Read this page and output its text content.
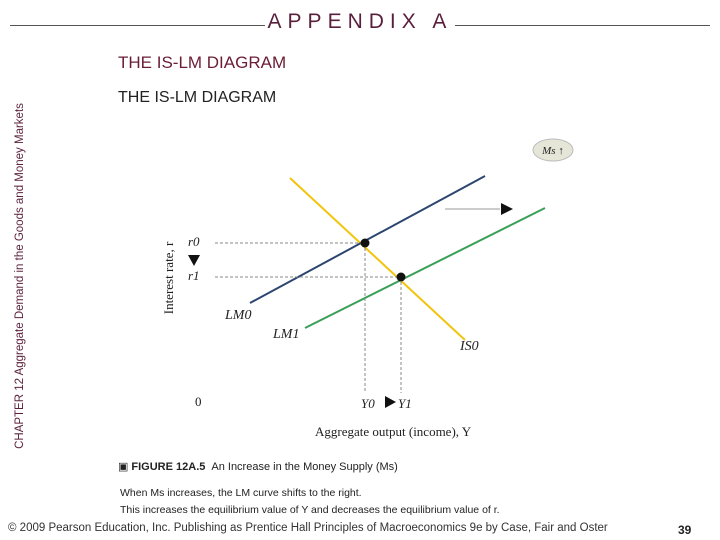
APPENDIX A
THE IS-LM DIAGRAM
THE IS-LM DIAGRAM
CHAPTER 12 Aggregate Demand in the Goods and Money Markets	Ms ↑
Interest rate, r
r0
r1
LM0
LM1
IS0
0	Y0 Y1
Aggregate output (income), Y
▣ FIGURE 12A.5 An Increase in the Money Supply (Ms)
When Ms increases, the LM curve shifts to the right.
This increases the equilibrium value of Y and decreases the equilibrium value of r.
© 2009 Pearson Education, Inc. Publishing as Prentice Hall Principles of Macroeconomics 9e by Case, Fair and Oster	39
